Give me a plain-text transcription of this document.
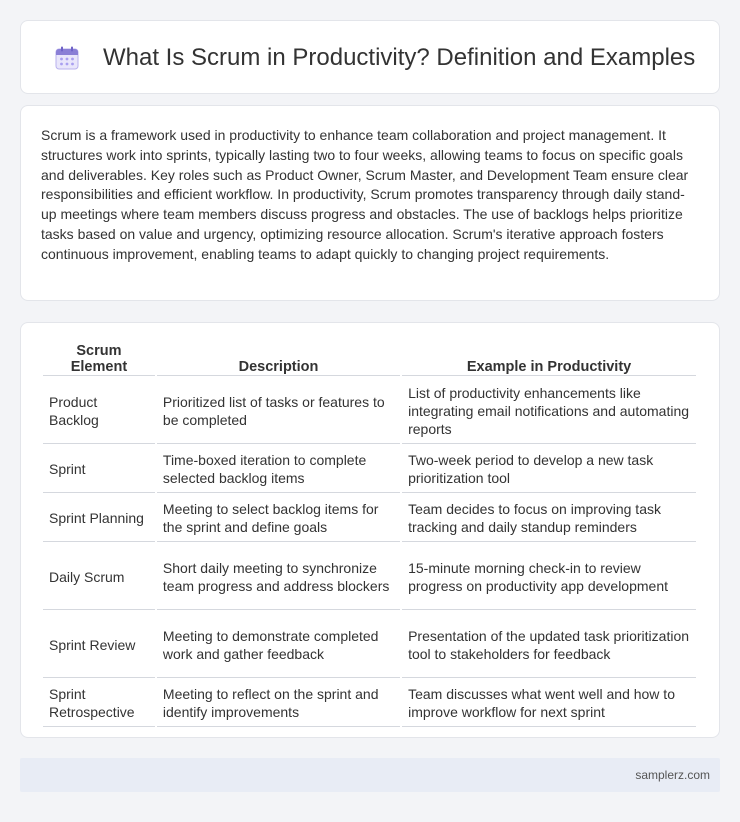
What Is Scrum in Productivity? Definition and Examples

Scrum is a framework used in productivity to enhance team collaboration and project management. It structures work into sprints, typically lasting two to four weeks, allowing teams to focus on specific goals and deliverables. Key roles such as Product Owner, Scrum Master, and Development Team ensure clear responsibilities and efficient workflow. In productivity, Scrum promotes transparency through daily stand-up meetings where team members discuss progress and obstacles. The use of backlogs helps prioritize tasks based on value and urgency, optimizing resource allocation. Scrum's iterative approach fosters continuous improvement, enabling teams to adapt quickly to changing project requirements.

Scrum Element	Description	Example in Productivity
Product Backlog	Prioritized list of tasks or features to be completed	List of productivity enhancements like integrating email notifications and automating reports
Sprint	Time-boxed iteration to complete selected backlog items	Two-week period to develop a new task prioritization tool
Sprint Planning	Meeting to select backlog items for the sprint and define goals	Team decides to focus on improving task tracking and daily standup reminders
Daily Scrum	Short daily meeting to synchronize team progress and address blockers	15-minute morning check-in to review progress on productivity app development
Sprint Review	Meeting to demonstrate completed work and gather feedback	Presentation of the updated task prioritization tool to stakeholders for feedback
Sprint Retrospective	Meeting to reflect on the sprint and identify improvements	Team discusses what went well and how to improve workflow for next sprint
samplerz.com
